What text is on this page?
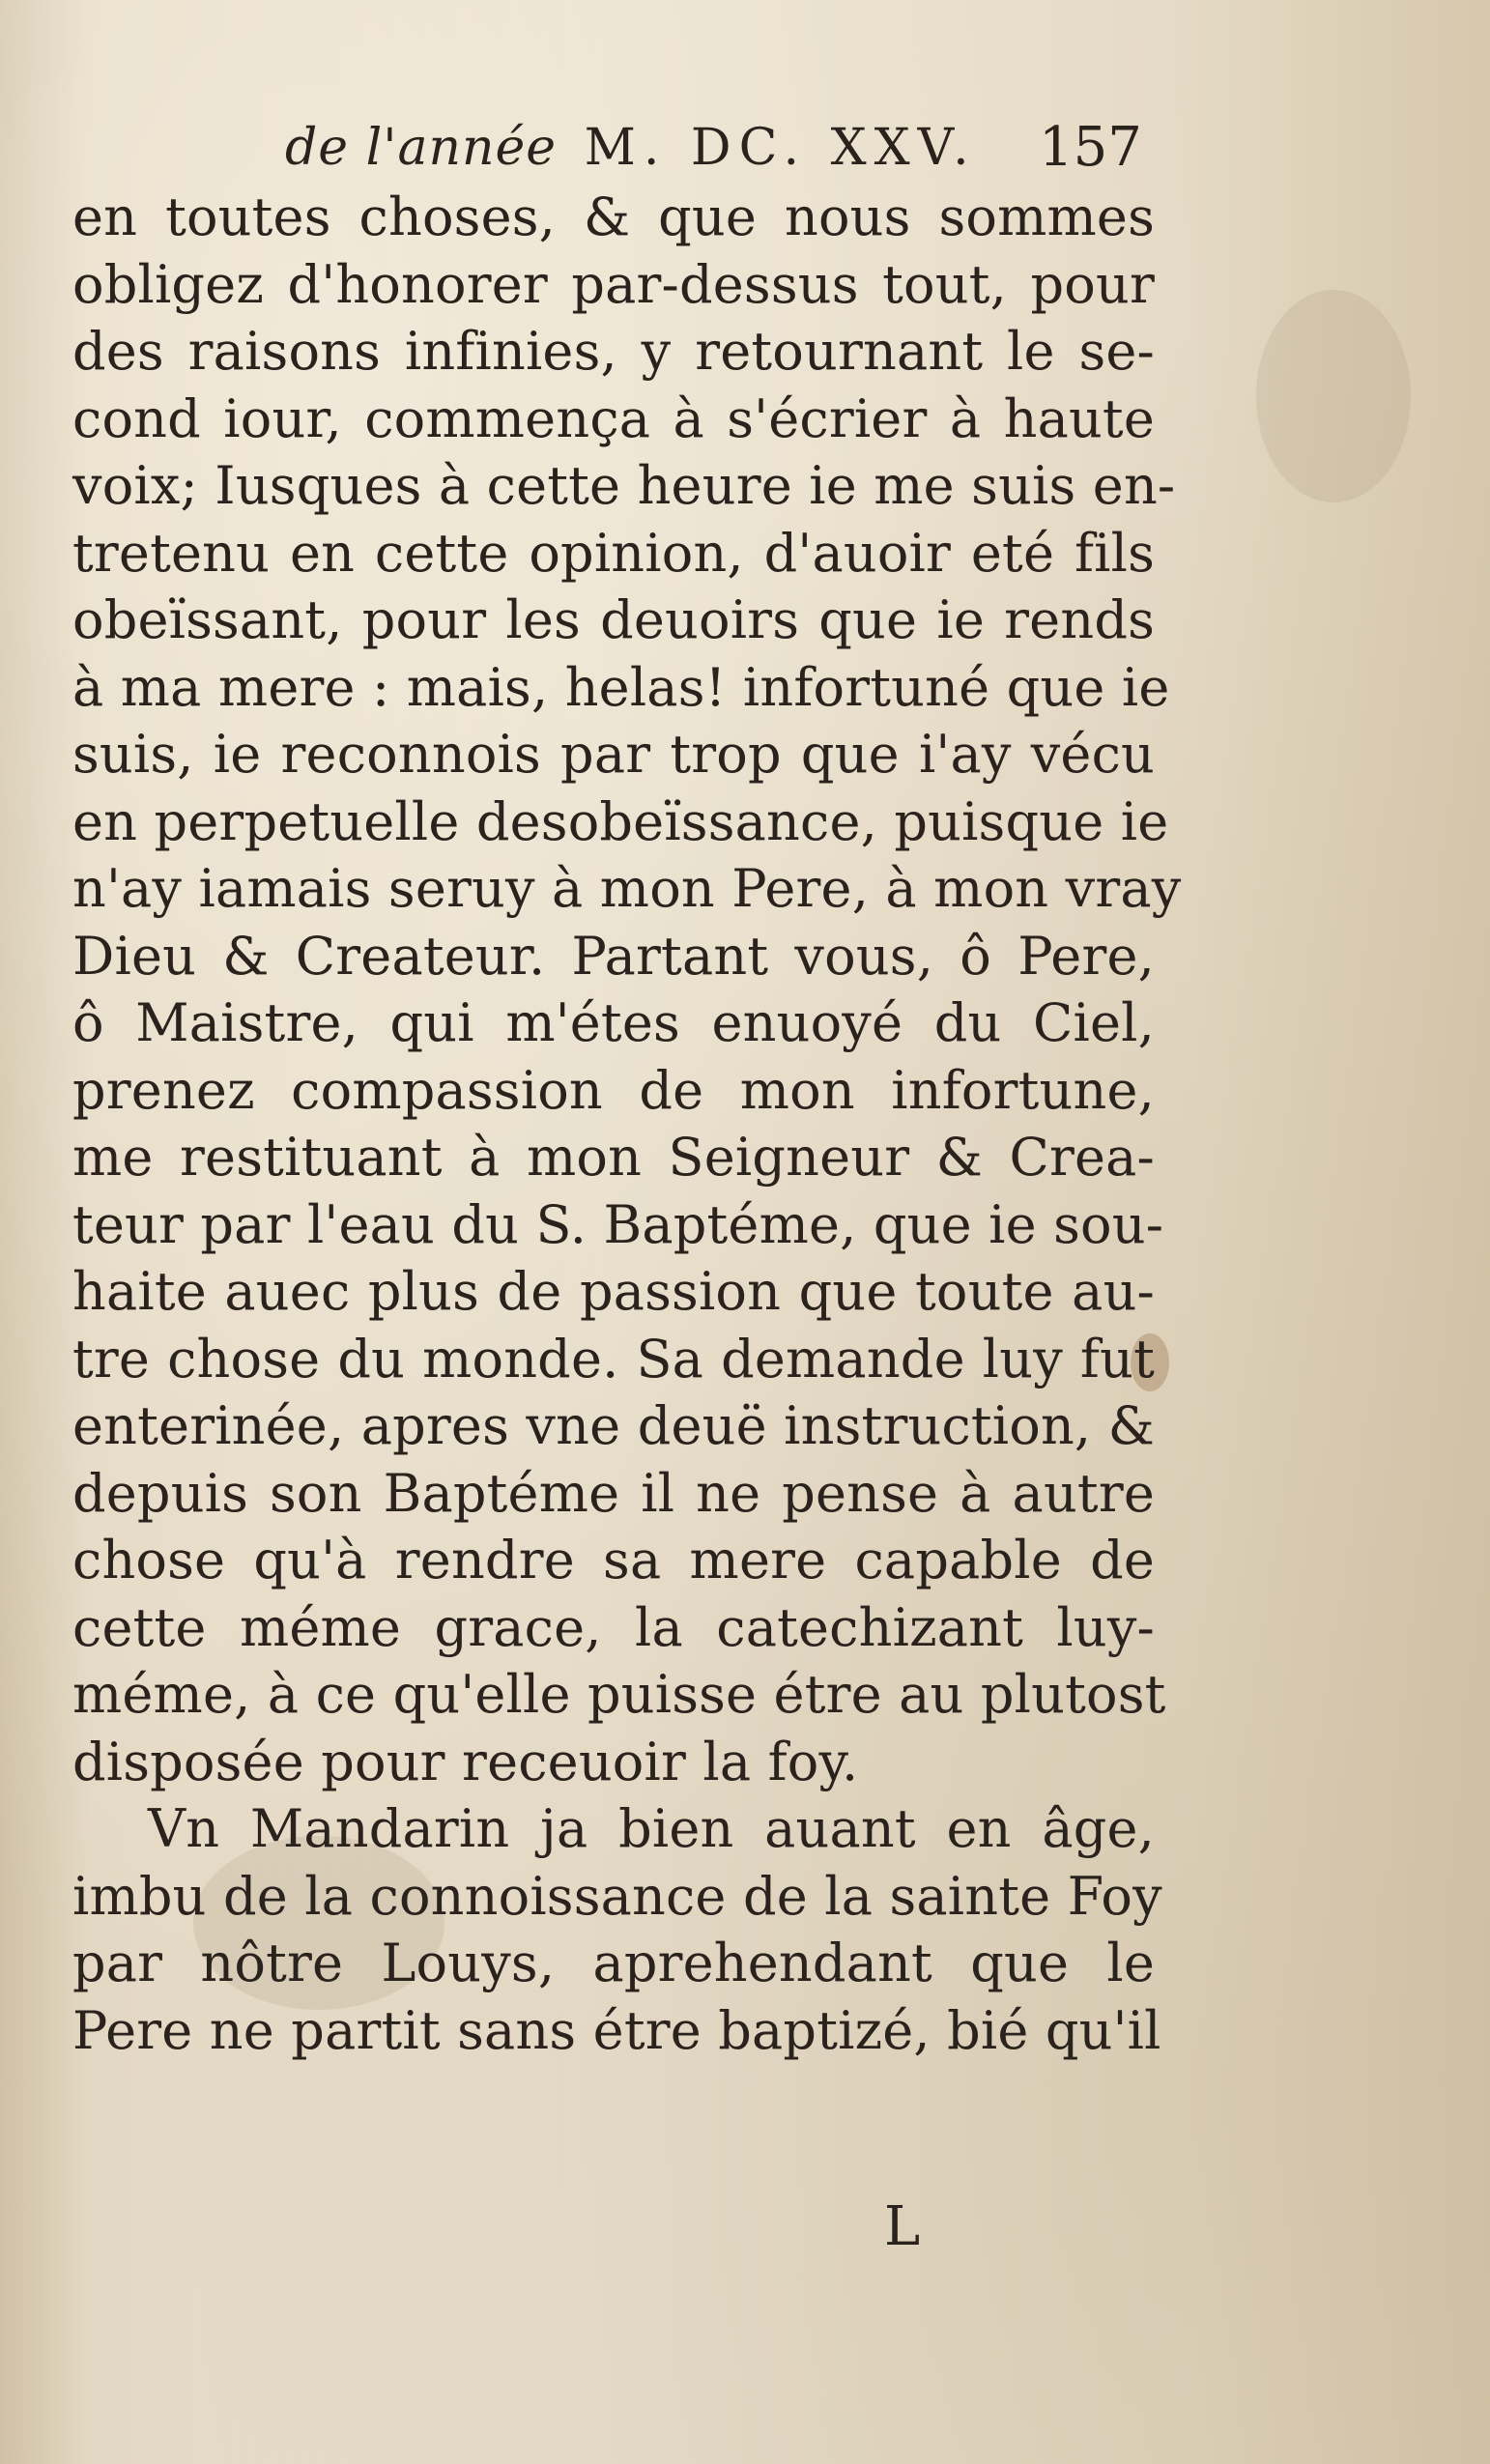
de l'année M. DC. XXV.	157
en toutes choses, & que nous sommes
obligez d'honorer par-dessus tout, pour
des raisons infinies, y retournant le se-
cond iour, commença à s'écrier à haute
voix; Iusques à cette heure ie me suis en-
tretenu en cette opinion, d'auoir eté fils
obeïssant, pour les deuoirs que ie rends
à ma mere : mais, helas! infortuné que ie
suis, ie reconnois par trop que i'ay vécu
en perpetuelle desobeïssance, puisque ie
n'ay iamais seruy à mon Pere, à mon vray
Dieu & Createur. Partant vous, ô Pere,
ô Maistre, qui m'étes enuoyé du Ciel,
prenez compassion de mon infortune,
me restituant à mon Seigneur & Crea-
teur par l'eau du S. Baptéme, que ie sou-
haite auec plus de passion que toute au-
tre chose du monde. Sa demande luy fut
enterinée, apres vne deuë instruction, &
depuis son Baptéme il ne pense à autre
chose qu'à rendre sa mere capable de
cette méme grace, la catechizant luy-
méme, à ce qu'elle puisse étre au plutost
disposée pour receuoir la foy.
Vn Mandarin ja bien auant en âge,
imbu de la connoissance de la sainte Foy
par nôtre Louys, aprehendant que le
Pere ne partit sans étre baptizé, bié qu'il
L
